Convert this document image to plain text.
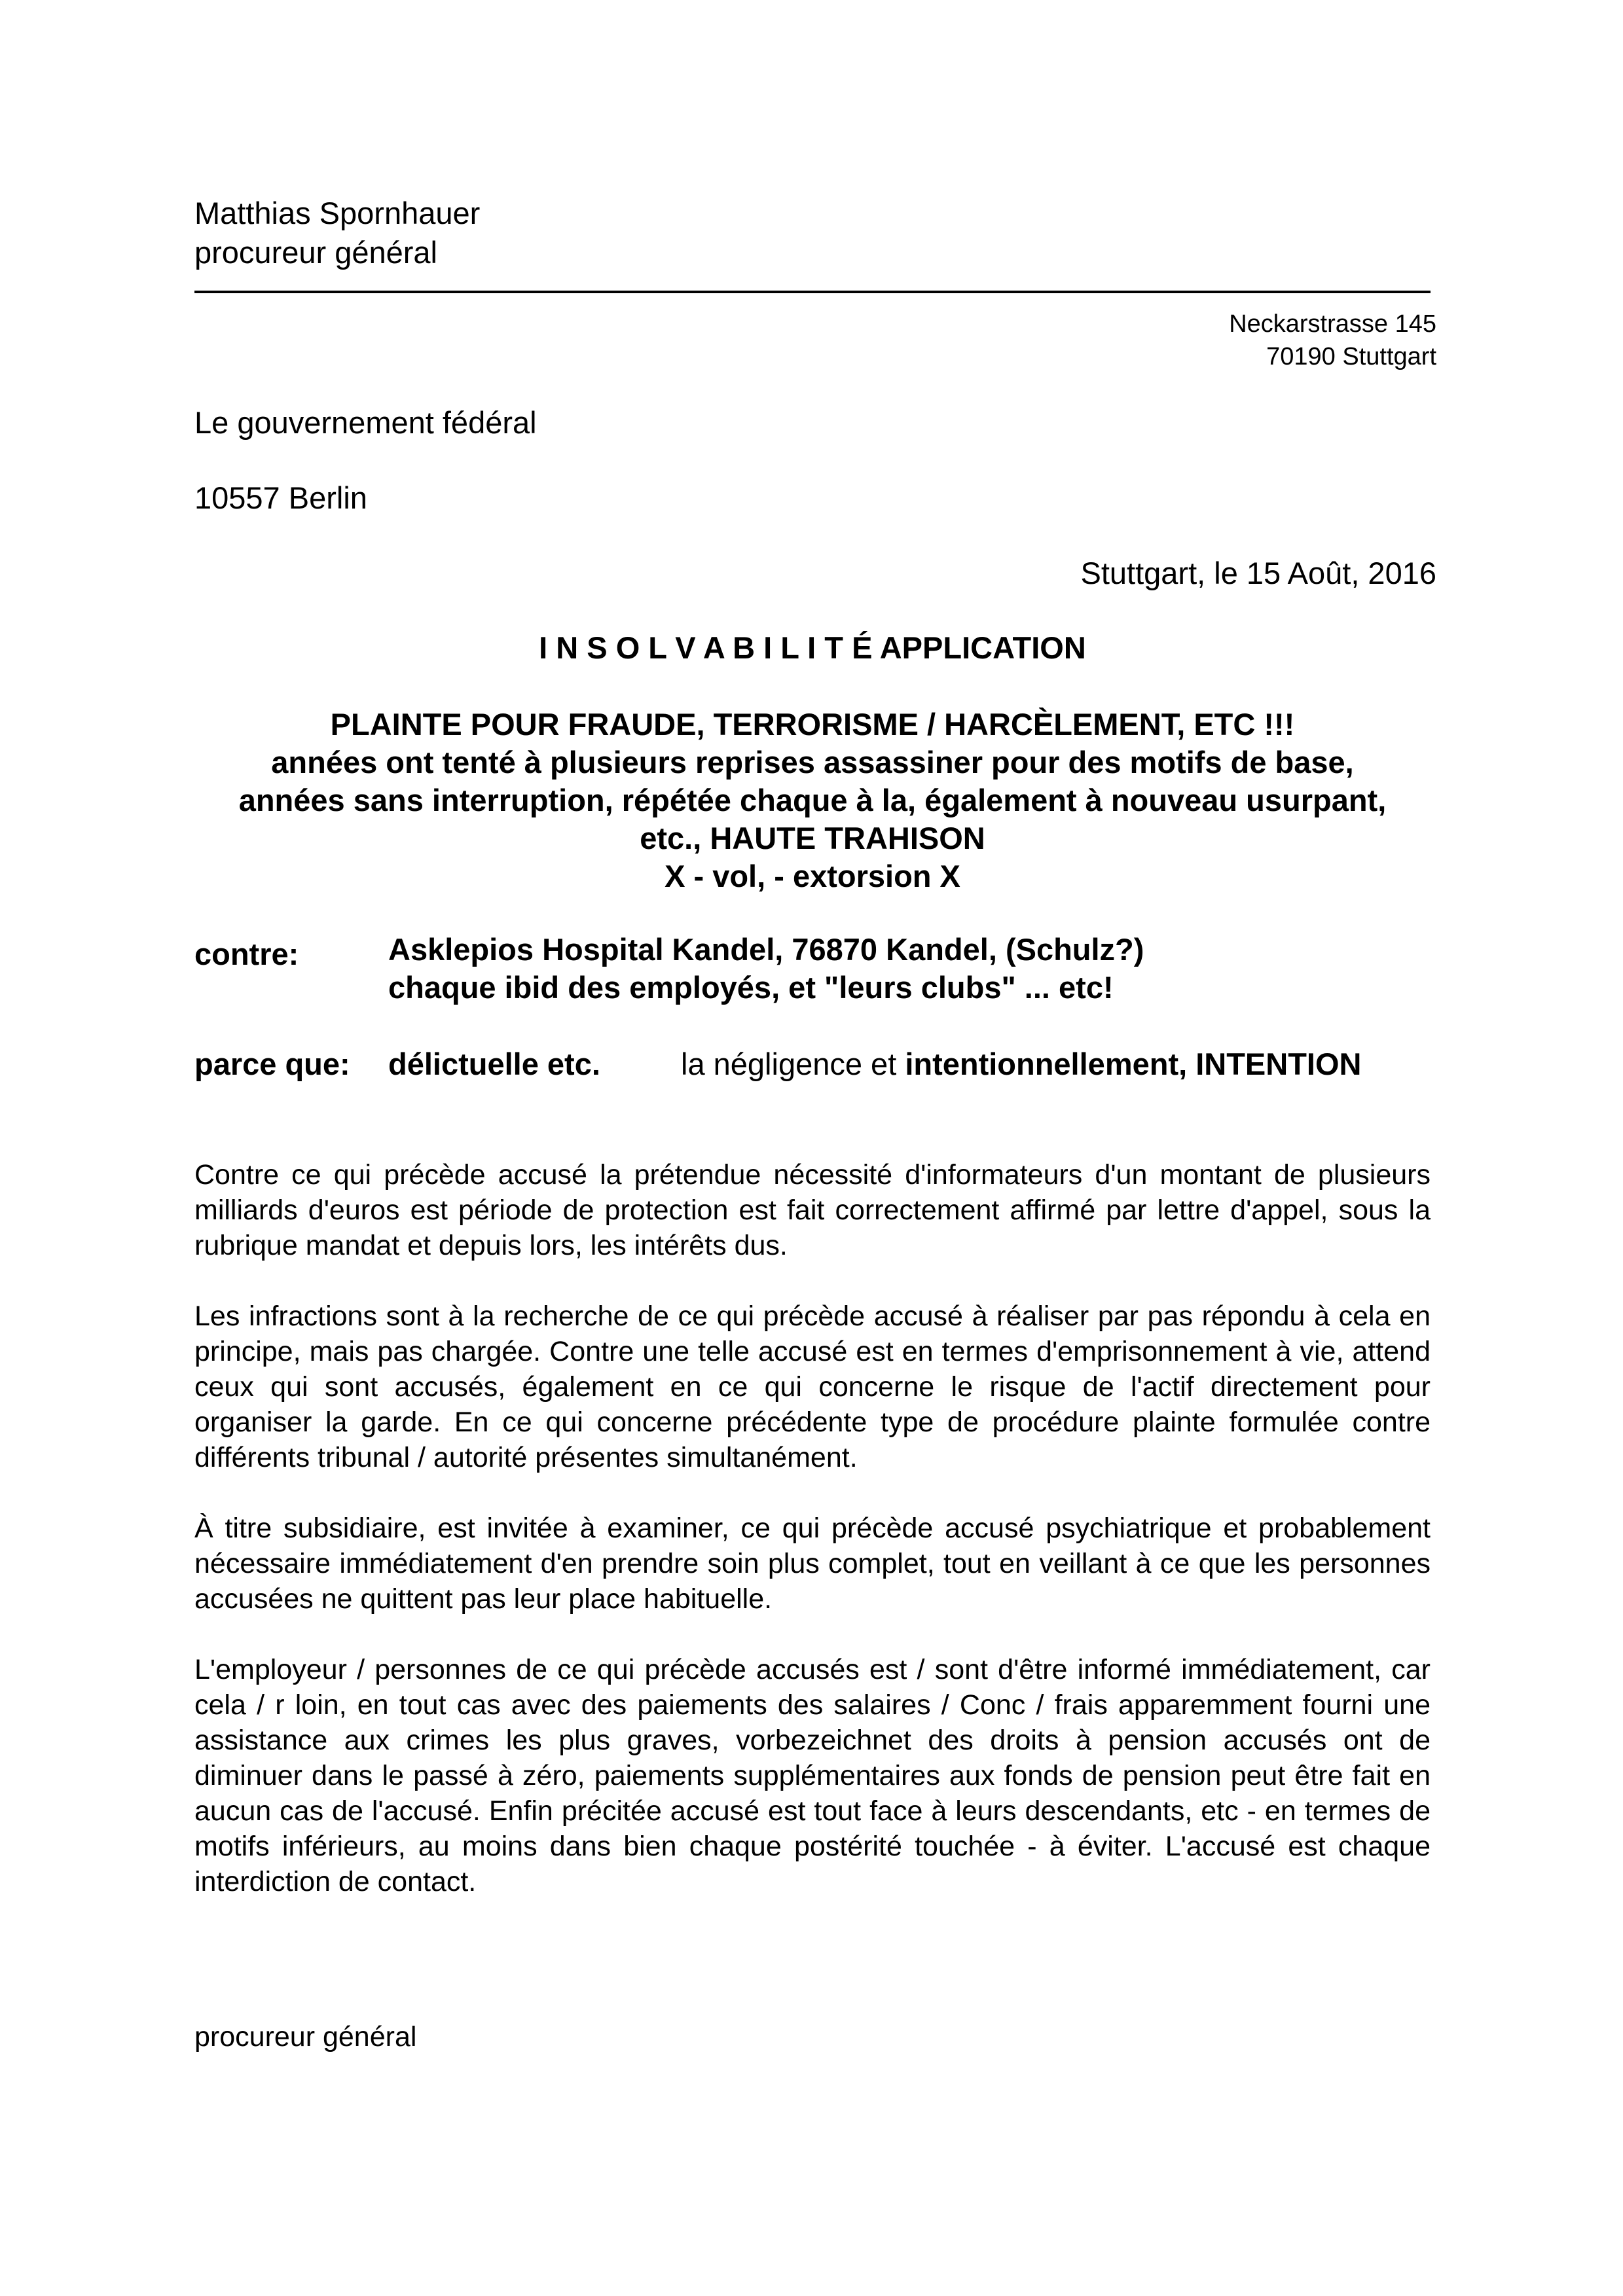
Matthias Spornhauer
procureur général
Neckarstrasse 145
70190 Stuttgart
Le gouvernement fédéral
10557 Berlin
Stuttgart, le 15 Août, 2016
I N S O L V A B I L I T É APPLICATION
PLAINTE POUR FRAUDE, TERRORISME / HARCÈLEMENT, ETC !!!
années ont tenté à plusieurs reprises assassiner pour des motifs de base,
années sans interruption, répétée chaque à la, également à nouveau usurpant,
etc., HAUTE TRAHISON
X - vol, - extorsion X
contre:	Asklepios Hospital Kandel, 76870 Kandel, (Schulz?)
chaque ibid des employés, et "leurs clubs" ... etc!
parce que: délictuelle etc.	la négligence et intentionnellement, INTENTION

Contre ce qui précède accusé la prétendue nécessité d'informateurs d'un montant de plusieurs milliards d'euros est période de protection est fait correctement affirmé par lettre d'appel, sous la rubrique mandat et depuis lors, les intérêts dus.

Les infractions sont à la recherche de ce qui précède accusé à réaliser par pas répondu à cela en principe, mais pas chargée. Contre une telle accusé est en termes d'emprisonnement à vie, attend ceux qui sont accusés, également en ce qui concerne le risque de l'actif directement pour organiser la garde. En ce qui concerne précédente type de procédure plainte formulée contre différents tribunal / autorité présentes simultanément.

À titre subsidiaire, est invitée à examiner, ce qui précède accusé psychiatrique et probablement nécessaire immédiatement d'en prendre soin plus complet, tout en veillant à ce que les personnes accusées ne quittent pas leur place habituelle.

L'employeur / personnes de ce qui précède accusés est / sont d'être informé immédiatement, car cela / r loin, en tout cas avec des paiements des salaires / Conc / frais apparemment fourni une assistance aux crimes les plus graves, vorbezeichnet des droits à pension accusés ont de diminuer dans le passé à zéro, paiements supplémentaires aux fonds de pension peut être fait en aucun cas de l'accusé. Enfin précitée accusé est tout face à leurs descendants, etc - en termes de motifs inférieurs, au moins dans bien chaque postérité touchée - à éviter. L'accusé est chaque interdiction de contact.

procureur général
